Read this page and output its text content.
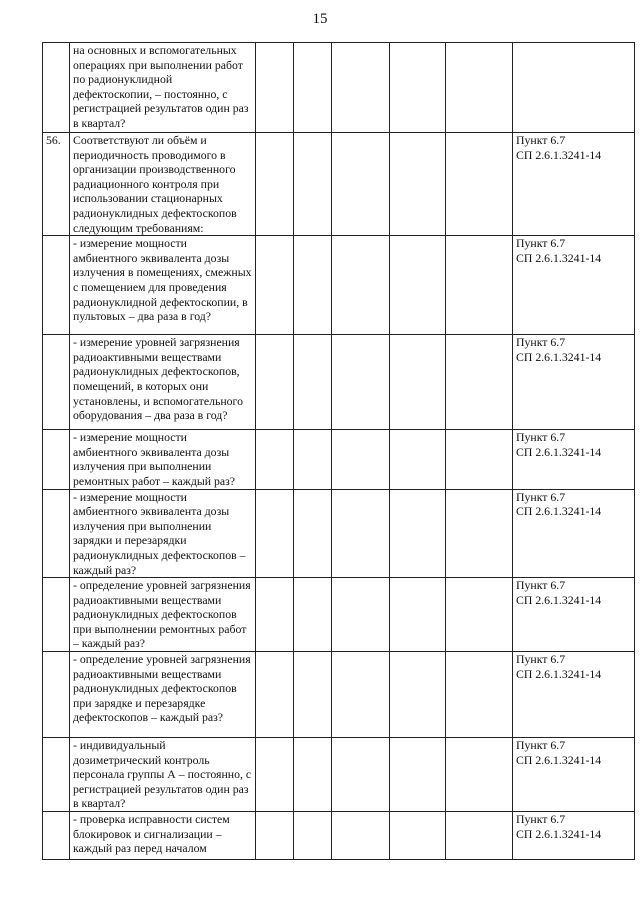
15
	на основных и вспомогательных операциях при выполнении работ по радионуклидной дефектоскопии, – постоянно, с регистрацией результатов один раз в квартал?						
56.	Соответствуют ли объём и периодичность проводимого в организации производственного радиационного контроля при использовании стационарных радионуклидных дефектоскопов следующим требованиям:						Пункт 6.7
СП 2.6.1.3241-14
	- измерение мощности амбиентного эквивалента дозы излучения в помещениях, смежных с помещением для проведения радионуклидной дефектоскопии, в пультовых – два раза в год?						Пункт 6.7
СП 2.6.1.3241-14
	- измерение уровней загрязнения радиоактивными веществами радионуклидных дефектоскопов, помещений, в которых они установлены, и вспомогательного оборудования – два раза в год?						Пункт 6.7
СП 2.6.1.3241-14
	- измерение мощности амбиентного эквивалента дозы излучения при выполнении ремонтных работ – каждый раз?						Пункт 6.7
СП 2.6.1.3241-14
	- измерение мощности амбиентного эквивалента дозы излучения при выполнении зарядки и перезарядки радионуклидных дефектоскопов – каждый раз?						Пункт 6.7
СП 2.6.1.3241-14
	- определение уровней загрязнения радиоактивными веществами радионуклидных дефектоскопов при выполнении ремонтных работ – каждый раз?						Пункт 6.7
СП 2.6.1.3241-14
	- определение уровней загрязнения радиоактивными веществами радионуклидных дефектоскопов при зарядке и перезарядке дефектоскопов – каждый раз?						Пункт 6.7
СП 2.6.1.3241-14
	- индивидуальный дозиметрический контроль персонала группы А – постоянно, с регистрацией результатов один раз в квартал?						Пункт 6.7
СП 2.6.1.3241-14
	- проверка исправности систем блокировок и сигнализации – каждый раз перед началом						Пункт 6.7
СП 2.6.1.3241-14
